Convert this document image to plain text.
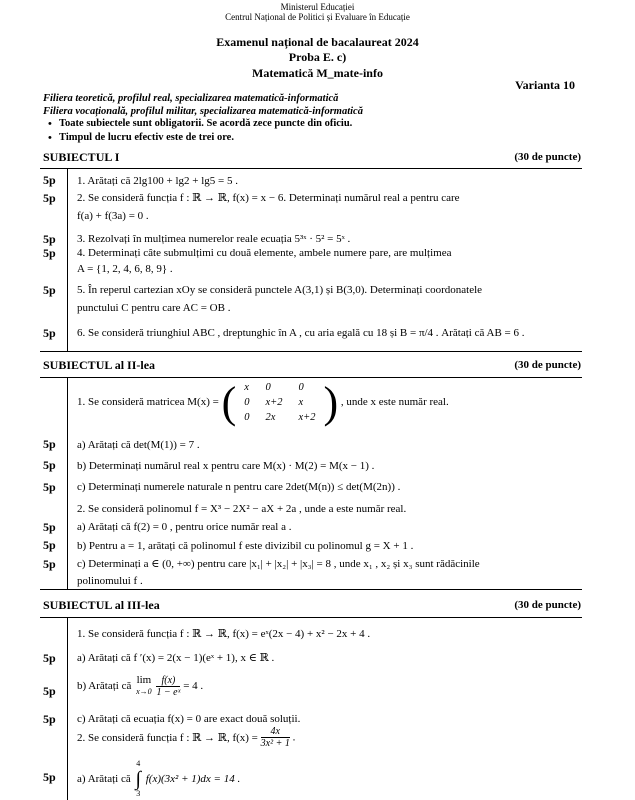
Ministerul Educației
Centrul Național de Politici și Evaluare în Educație
Examenul național de bacalaureat 2024
Proba E. c)
Matematică M_mate-info
Varianta 10
Filiera teoretică, profilul real, specializarea matematică-informatică
Filiera vocațională, profilul militar, specializarea matematică-informatică
• Toate subiectele sunt obligatorii. Se acordă zece puncte din oficiu.
• Timpul de lucru efectiv este de trei ore.
SUBIECTUL I	(30 de puncte)
5p	1. Arătați că 2lg100 + lg2 + lg5 = 5 .
5p	2. Se consideră funcția f : ℝ → ℝ, f(x) = x − 6. Determinați numărul real a pentru care
f(a) + f(3a) = 0 .
5p	3. Rezolvați în mulțimea numerelor reale ecuația 5³ˣ · 5² = 5ˣ .
5p	4. Determinați câte submulțimi cu două elemente, ambele numere pare, are mulțimea
A = {1, 2, 4, 6, 8, 9} .
5p	5. În reperul cartezian xOy se consideră punctele A(3,1) și B(3,0). Determinați coordonatele
punctului C pentru care AC = OB .
5p	6. Se consideră triunghiul ABC , dreptunghic în A , cu aria egală cu 18 și B = π/4 . Arătați că AB = 6 .
SUBIECTUL al II-lea	(30 de puncte)
1. Se consideră matricea M(x) = ( x	0	0
0	x+2	x
0	2x	x+2 ) , unde x este număr real.
5p	a) Arătați că det(M(1)) = 7 .
5p	b) Determinați numărul real x pentru care M(x) · M(2) = M(x − 1) .
5p	c) Determinați numerele naturale n pentru care 2det(M(n)) ≤ det(M(2n)) .
2. Se consideră polinomul f = X³ − 2X² − aX + 2a , unde a este număr real.
5p	a) Arătați că f(2) = 0 , pentru orice număr real a .
5p	b) Pentru a = 1, arătați că polinomul f este divizibil cu polinomul g = X + 1 .
5p	c) Determinați a ∈ (0, +∞) pentru care |x₁| + |x₂| + |x₃| = 8 , unde x₁ , x₂ și x₃ sunt rădăcinile
polinomului f .
SUBIECTUL al III-lea	(30 de puncte)
1. Se consideră funcția f : ℝ → ℝ, f(x) = eˣ(2x − 4) + x² − 2x + 4 .
5p	a) Arătați că f ′(x) = 2(x − 1)(eˣ + 1), x ∈ ℝ .
5p	b) Arătați că lim
x→0
$\frac{f(x)}{\text{1 − eˣ}} = 4$ .
5p	c) Arătați că ecuația f(x) = 0 are exact două soluții.
2. Se consideră funcția f : ℝ → ℝ, $f(x) = \frac{4x}{\text{3x² + 1}}$ .
5p	a) Arătați că
4
∫
3
f(x)(3x² + 1)dx = 14 .
